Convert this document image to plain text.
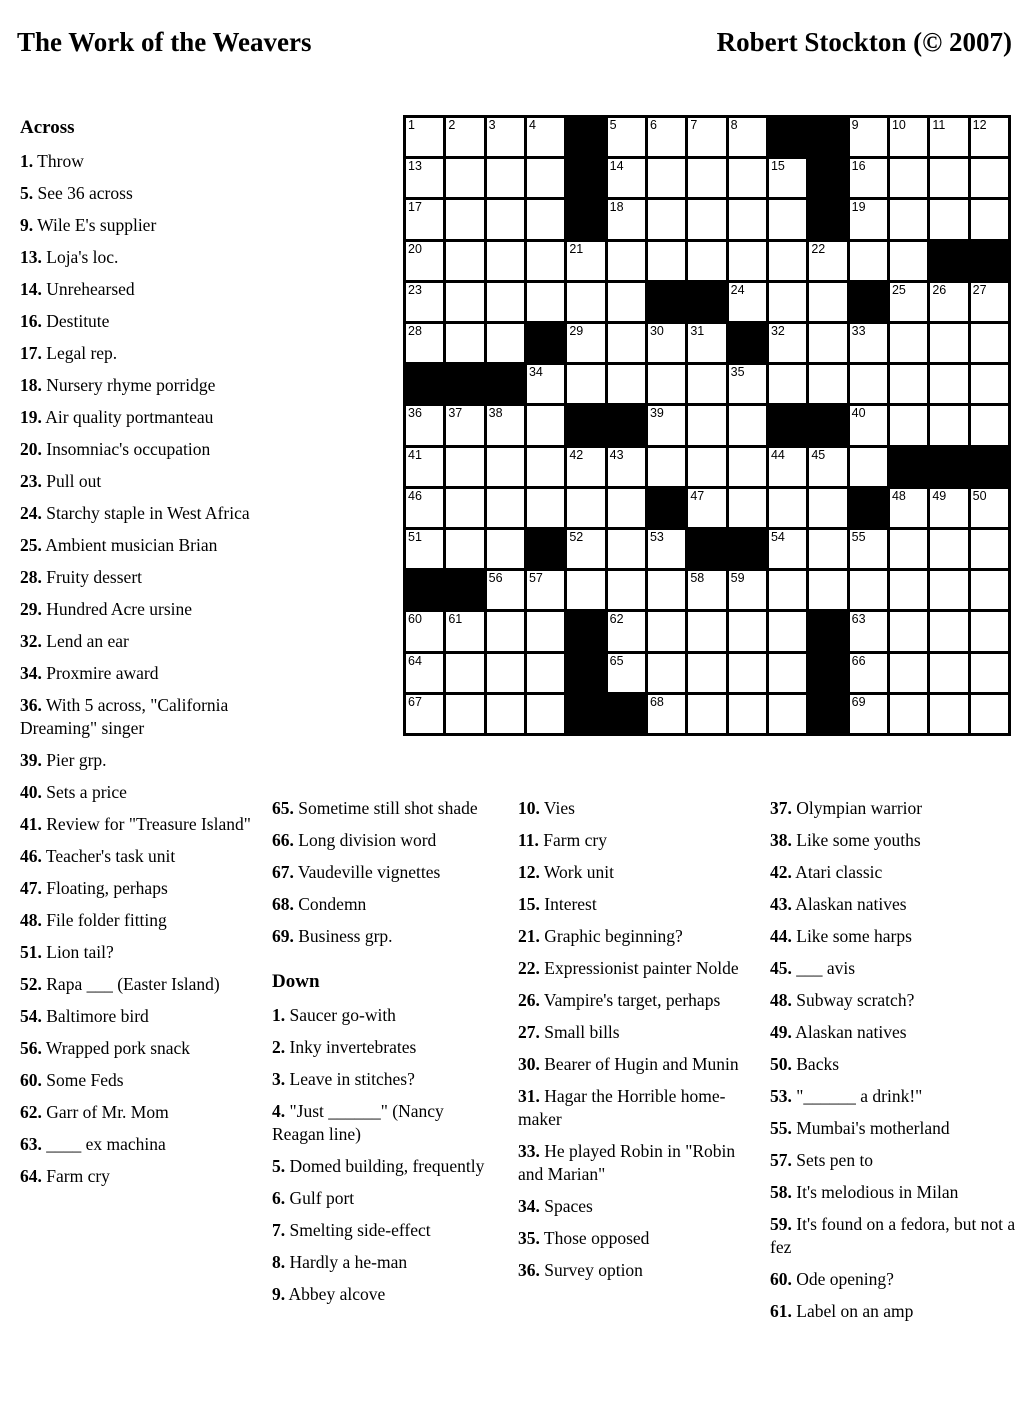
The Work of the Weavers	Robert Stockton (© 2007)
1	2	3	4	5	6	7	8	9	10 11 12
13	14	15	16
17	18	19
20	21	22
23	24	25 26 27
28	29	30 31	32	33
34	35
36 37 38	39	40
41	42 43	44 45
46	47	48 49 50
51	52	53	54	55
56 57	58 59
60 61	62	63
64	65	66
67	68	69
Across
1. Throw
5. See 36 across
9. Wile E's supplier
13. Loja's loc.
14. Unrehearsed
16. Destitute
17. Legal rep.
18. Nursery rhyme porridge
19. Air quality portmanteau
20. Insomniac's occupation
23. Pull out
24. Starchy staple in West Africa
25. Ambient musician Brian
28. Fruity dessert
29. Hundred Acre ursine
32. Lend an ear
34. Proxmire award
36. With 5 across, "California Dreaming" singer
39. Pier grp.
40. Sets a price
41. Review for "Treasure Island"
46. Teacher's task unit
47. Floating, perhaps
48. File folder fitting
51. Lion tail?
52. Rapa ___ (Easter Island)
54. Baltimore bird
56. Wrapped pork snack
60. Some Feds
62. Garr of Mr. Mom
63. ____ ex machina
64. Farm cry
65. Sometime still shot shade
66. Long division word
67. Vaudeville vignettes
68. Condemn
69. Business grp.
Down
1. Saucer go-with
2. Inky invertebrates
3. Leave in stitches?
4. "Just ______" (Nancy Reagan line)
5. Domed building, frequently
6. Gulf port
7. Smelting side-effect
8. Hardly a he-man
9. Abbey alcove
10. Vies
11. Farm cry
12. Work unit
15. Interest
21. Graphic beginning?
22. Expressionist painter Nolde
26. Vampire's target, perhaps
27. Small bills
30. Bearer of Hugin and Munin
31. Hagar the Horrible home-maker
33. He played Robin in "Robin and Marian"
34. Spaces
35. Those opposed
36. Survey option
37. Olympian warrior
38. Like some youths
42. Atari classic
43. Alaskan natives
44. Like some harps
45. ___ avis
48. Subway scratch?
49. Alaskan natives
50. Backs
53. "______ a drink!"
55. Mumbai's motherland
57. Sets pen to
58. It's melodious in Milan
59. It's found on a fedora, but not a fez
60. Ode opening?
61. Label on an amp
